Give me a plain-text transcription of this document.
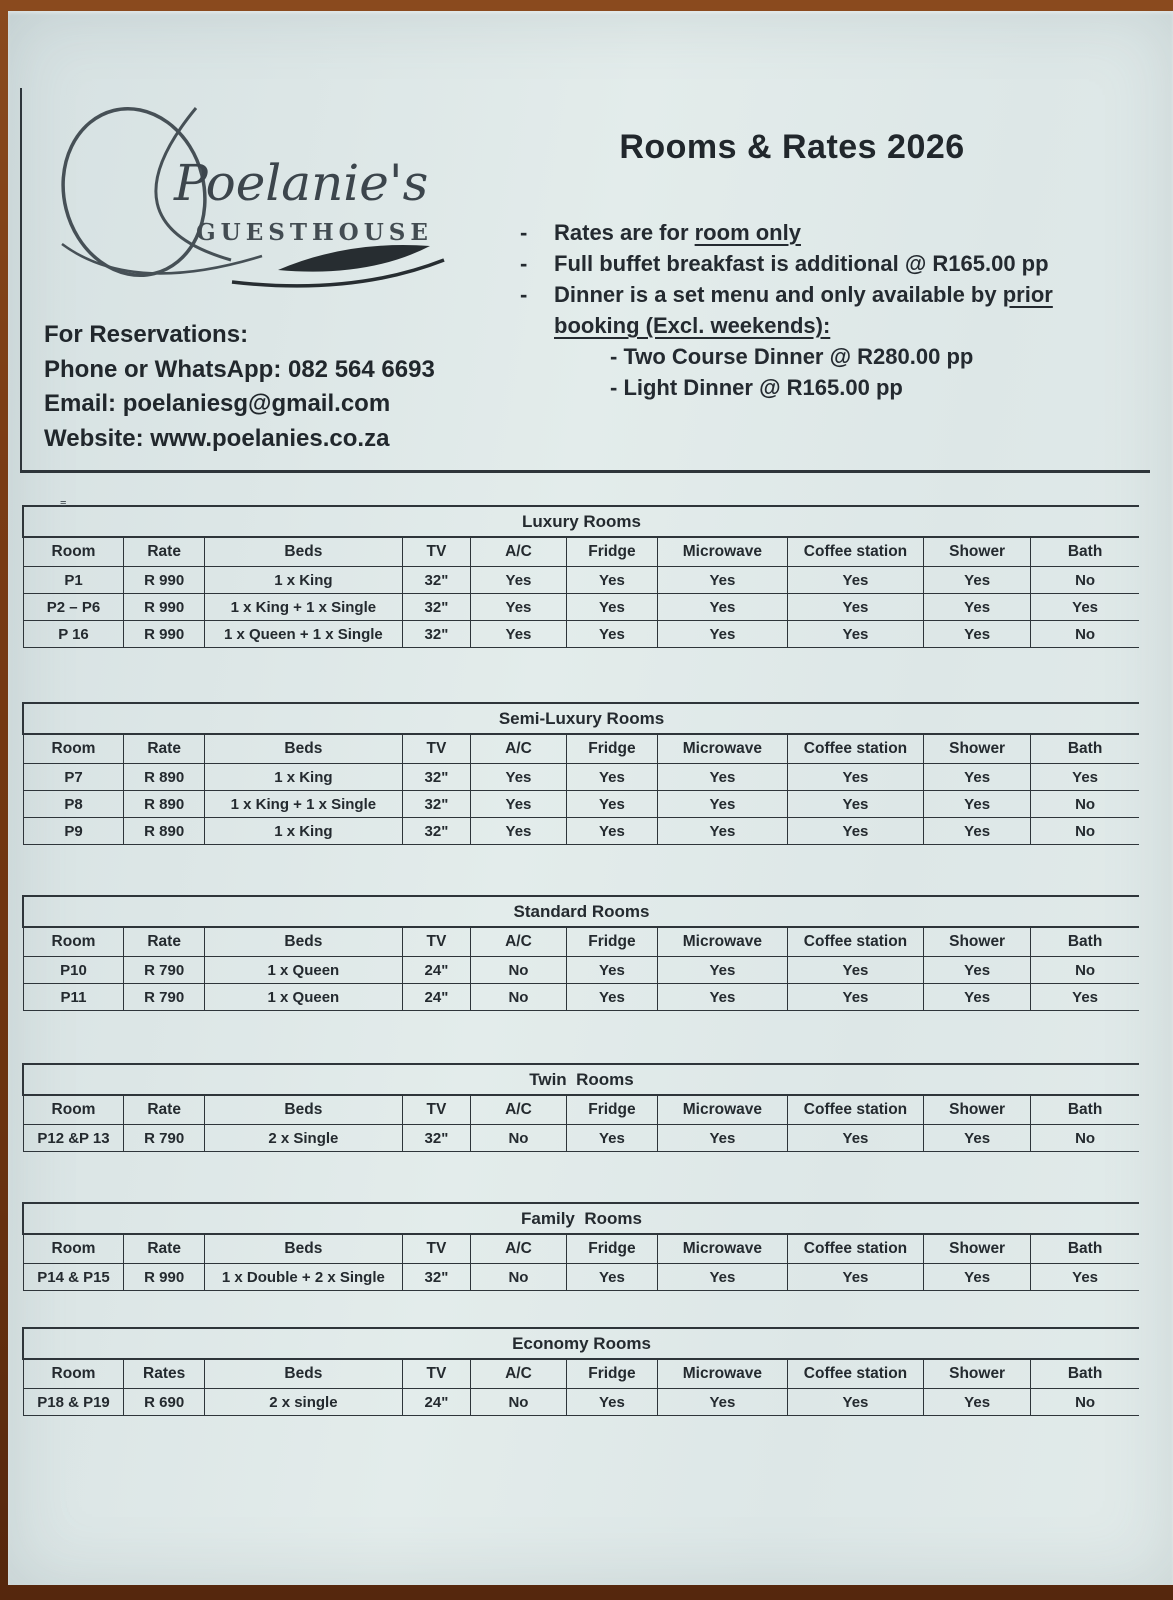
Poelanie's
GUESTHOUSE
For Reservations:
Phone or WhatsApp: 082 564 6693
Email: poelaniesg@gmail.com
Website: www.poelanies.co.za
Rooms & Rates 2026
-	Rates are for room only
-	Full buffet breakfast is additional @ R165.00 pp
-	Dinner is a set menu and only available by prior booking (Excl. weekends):
- Two Course Dinner @ R280.00 pp
- Light Dinner @ R165.00 pp
≡
Luxury Rooms									
Room	Rate	Beds	TV	A/C	Fridge	Microwave	Coffee station	Shower	Bath
P1	R 990	1 x King	32"	Yes	Yes	Yes	Yes	Yes	No
P2 – P6	R 990	1 x King + 1 x Single	32"	Yes	Yes	Yes	Yes	Yes	Yes
P 16	R 990	1 x Queen + 1 x Single	32"	Yes	Yes	Yes	Yes	Yes	No
Semi-Luxury Rooms									
Room	Rate	Beds	TV	A/C	Fridge	Microwave	Coffee station	Shower	Bath
P7	R 890	1 x King	32"	Yes	Yes	Yes	Yes	Yes	Yes
P8	R 890	1 x King + 1 x Single	32"	Yes	Yes	Yes	Yes	Yes	No
P9	R 890	1 x King	32"	Yes	Yes	Yes	Yes	Yes	No
Standard Rooms									
Room	Rate	Beds	TV	A/C	Fridge	Microwave	Coffee station	Shower	Bath
P10	R 790	1 x Queen	24"	No	Yes	Yes	Yes	Yes	No
P11	R 790	1 x Queen	24"	No	Yes	Yes	Yes	Yes	Yes
Twin  Rooms									
Room	Rate	Beds	TV	A/C	Fridge	Microwave	Coffee station	Shower	Bath
P12 &P 13	R 790	2 x Single	32"	No	Yes	Yes	Yes	Yes	No
Family  Rooms									
Room	Rate	Beds	TV	A/C	Fridge	Microwave	Coffee station	Shower	Bath
P14 & P15	R 990	1 x Double + 2 x Single	32"	No	Yes	Yes	Yes	Yes	Yes
Economy Rooms									
Room	Rates	Beds	TV	A/C	Fridge	Microwave	Coffee station	Shower	Bath
P18 & P19	R 690	2 x single	24"	No	Yes	Yes	Yes	Yes	No
